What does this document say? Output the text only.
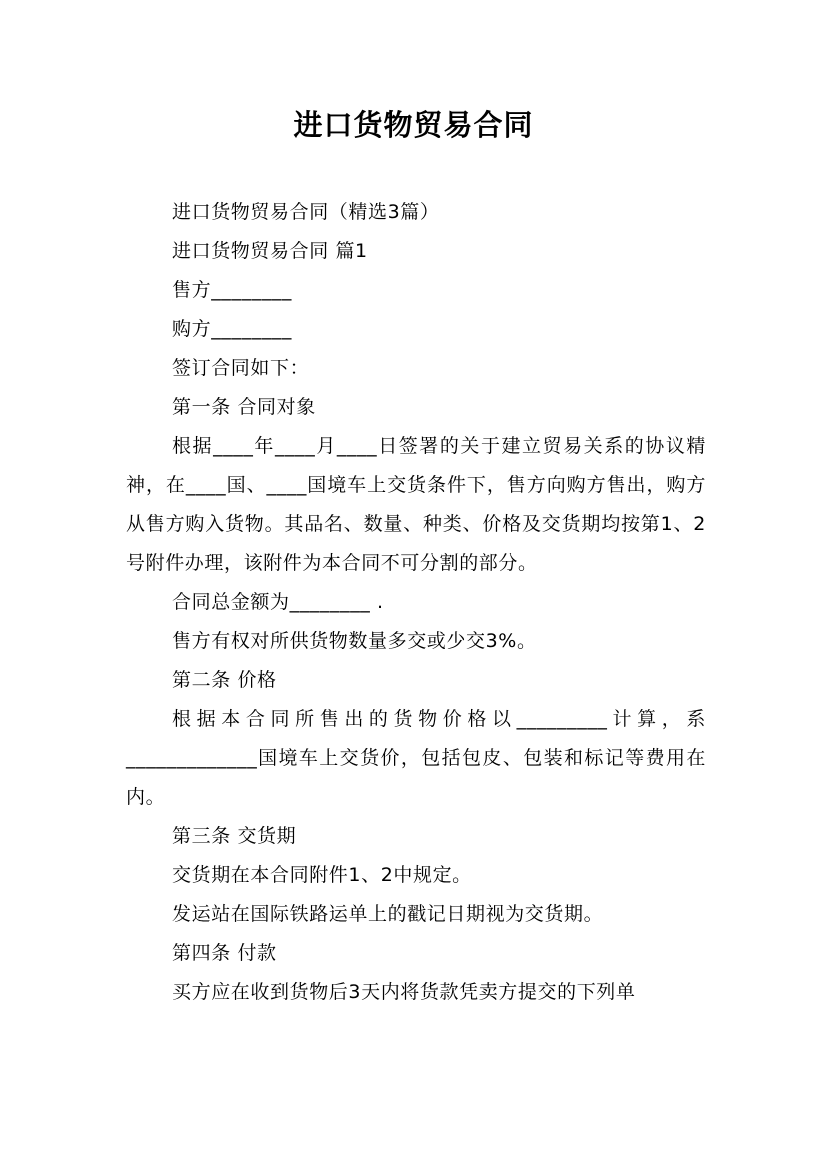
进口货物贸易合同

进口货物贸易合同（精选3篇）

进口货物贸易合同 篇1

售方________

购方________

签订合同如下：

第一条 合同对象

根据____年____月____日签署的关于建立贸易关系的协议精神，在____国、____国境车上交货条件下，售方向购方售出，购方从售方购入货物。其品名、数量、种类、价格及交货期均按第1、2号附件办理，该附件为本合同不可分割的部分。

合同总金额为________ .

售方有权对所供货物数量多交或少交3%。

第二条 价格

根据本合同所售出的货物价格以_________计算，系_____________国境车上交货价，包括包皮、包装和标记等费用在内。

第三条 交货期

交货期在本合同附件1、2中规定。

发运站在国际铁路运单上的戳记日期视为交货期。

第四条 付款

买方应在收到货物后3天内将货款凭卖方提交的下列单
